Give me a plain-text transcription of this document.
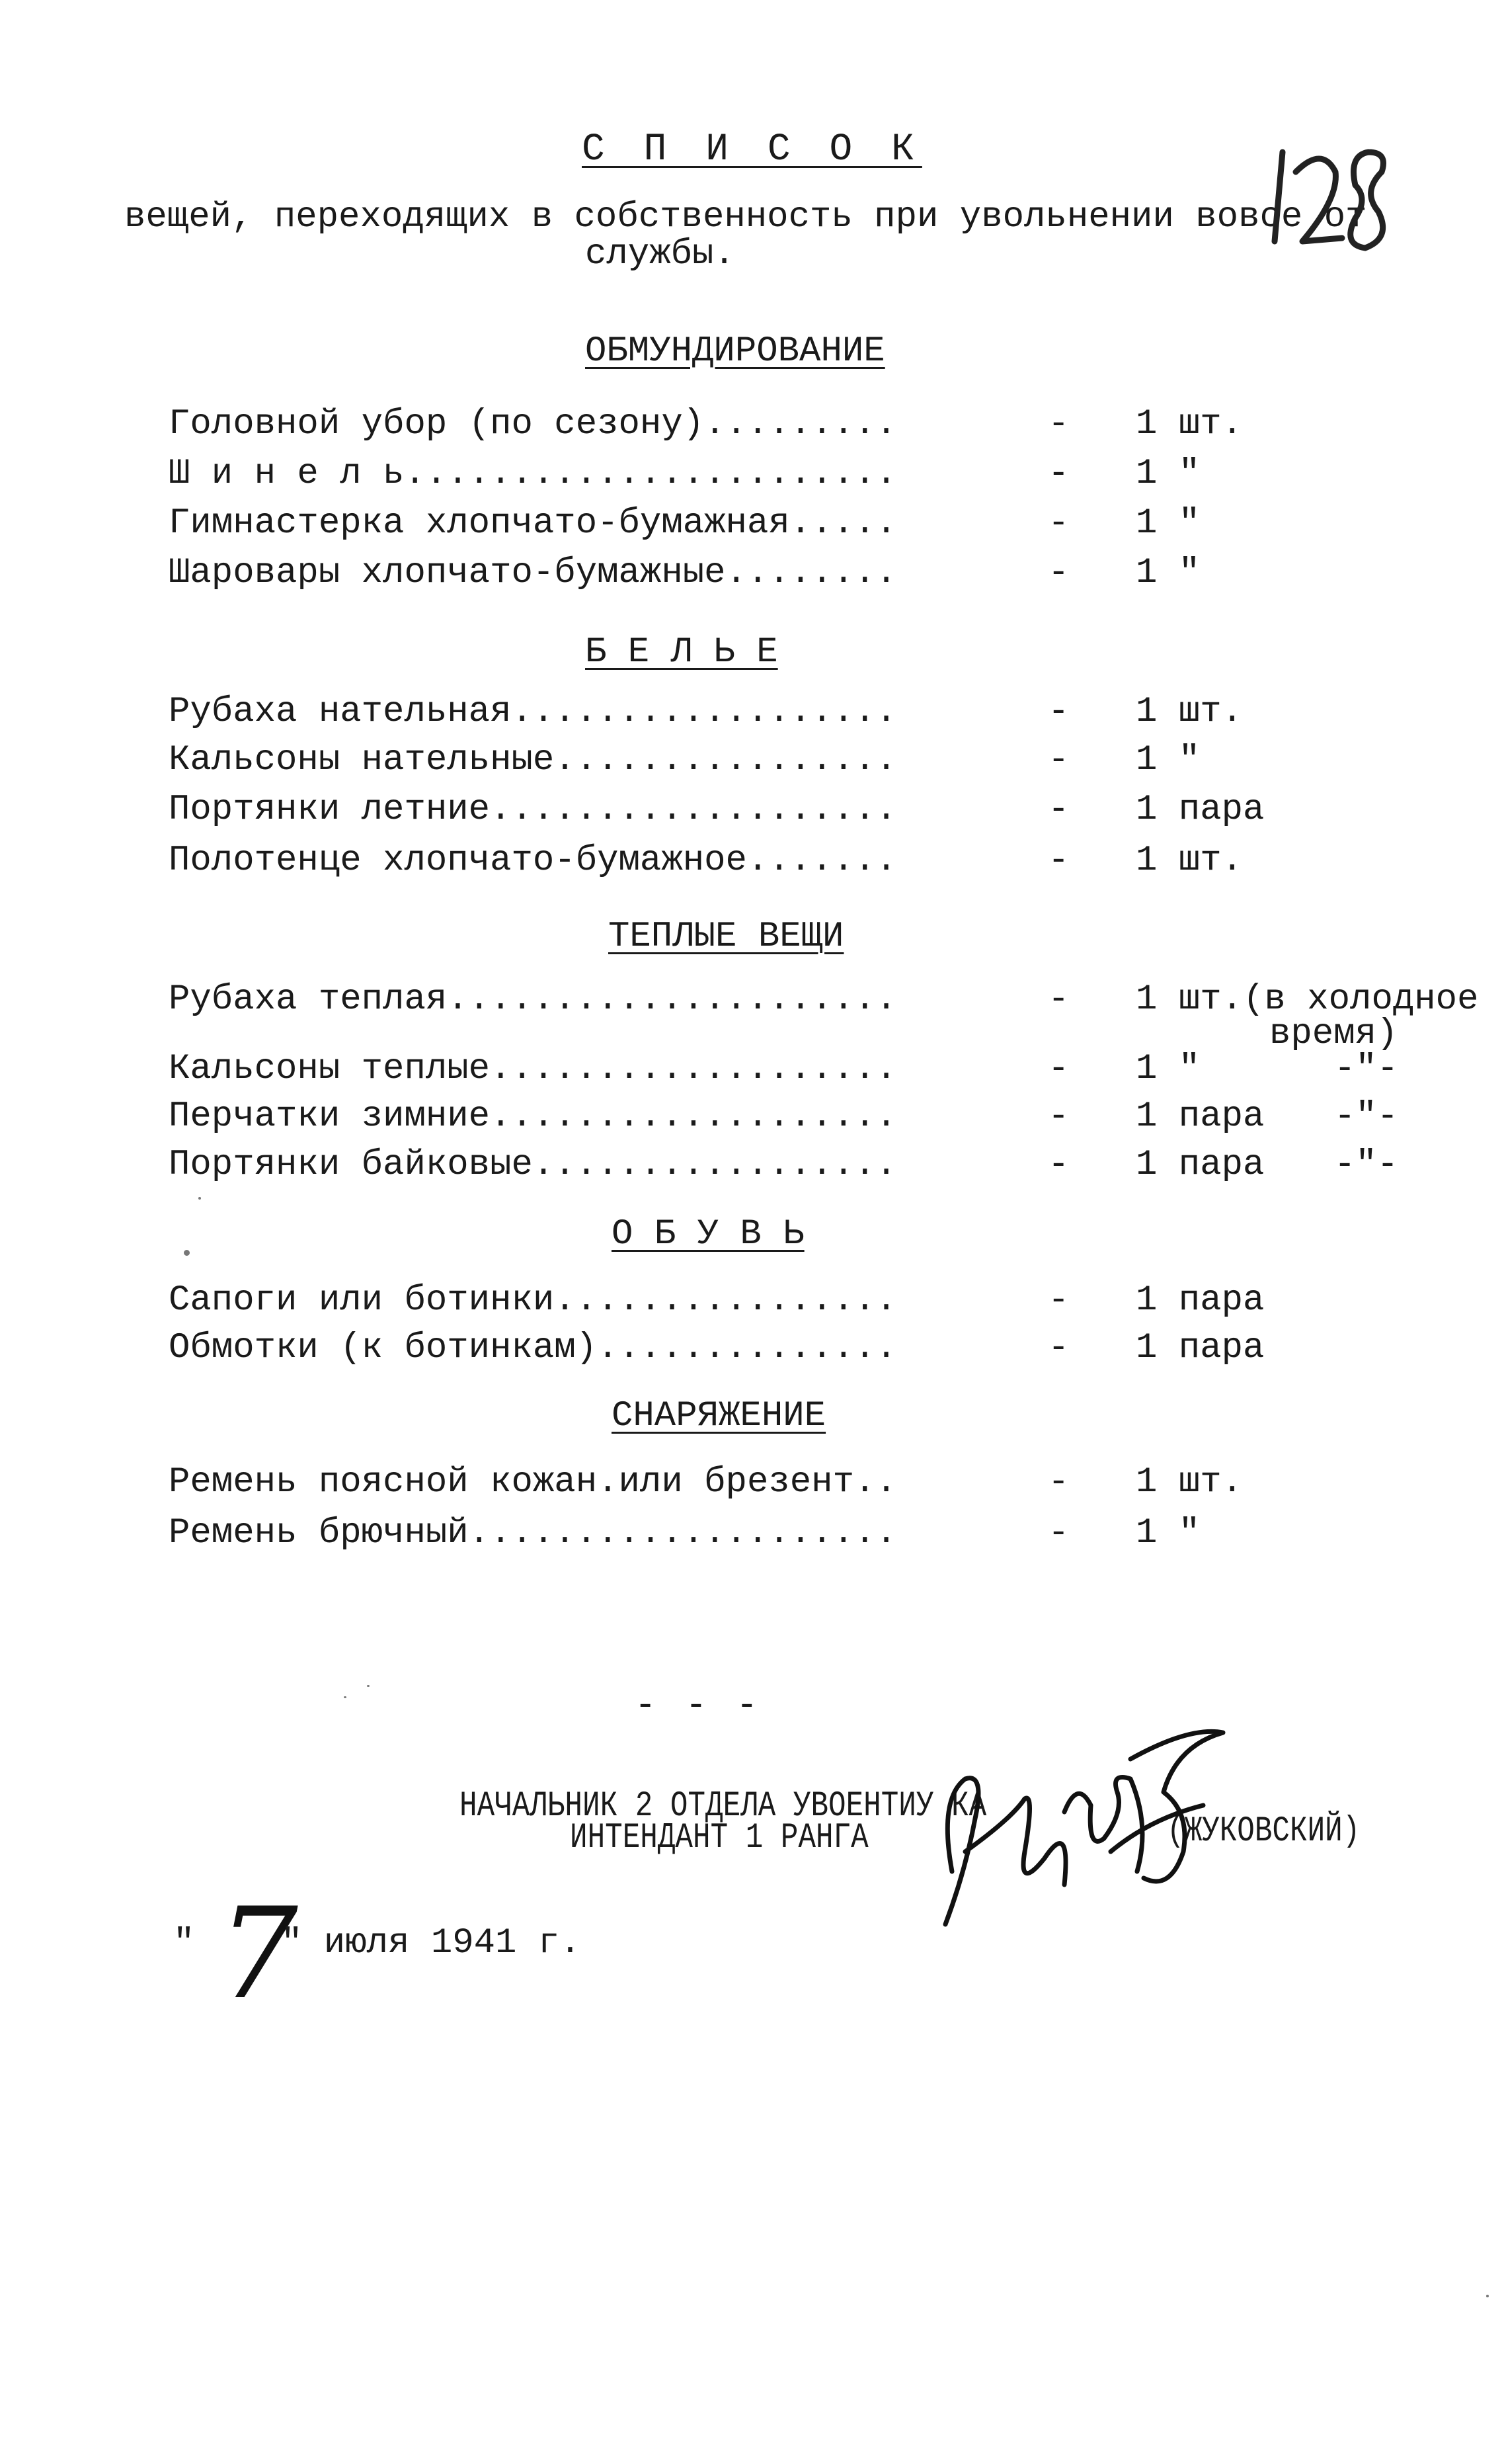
С П И С О К
вещей, переходящих в собственность при увольнении вовсе от
службы.
ОБМУНДИРОВАНИЕ
Головной убор (по сезону).........	- 1 шт.
Ш и н е л ь.......................	- 1 "
Гимнастерка хлопчато-бумажная.....	- 1 "
Шаровары хлопчато-бумажные........	- 1 "
Б Е Л Ь Е
Рубаха нательная..................	- 1 шт.
Кальсоны нательные................	- 1 "
Портянки летние...................	- 1 пара
Полотенце хлопчато-бумажное.......	- 1 шт.
ТЕПЛЫЕ ВЕЩИ
Рубаха теплая.....................	- 1 шт.(в холодное
время)
Кальсоны теплые...................	- 1 "	-"-
Перчатки зимние...................	- 1 пара -"-
Портянки байковые.................	- 1 пара -"-
О Б У В Ь
Сапоги или ботинки................	- 1 пара
Обмотки (к ботинкам)..............	- 1 пара
СНАРЯЖЕНИЕ
Ремень поясной кожан.или брезент..	- 1 шт.
Ремень брючный....................	- 1 "
- - -
НАЧАЛЬНИК 2 ОТДЕЛА УВОЕНТИУ КА
ИНТЕНДАНТ 1 РАНГА	(ЖУКОВСКИЙ)
" 7
" июля 1941 г.
